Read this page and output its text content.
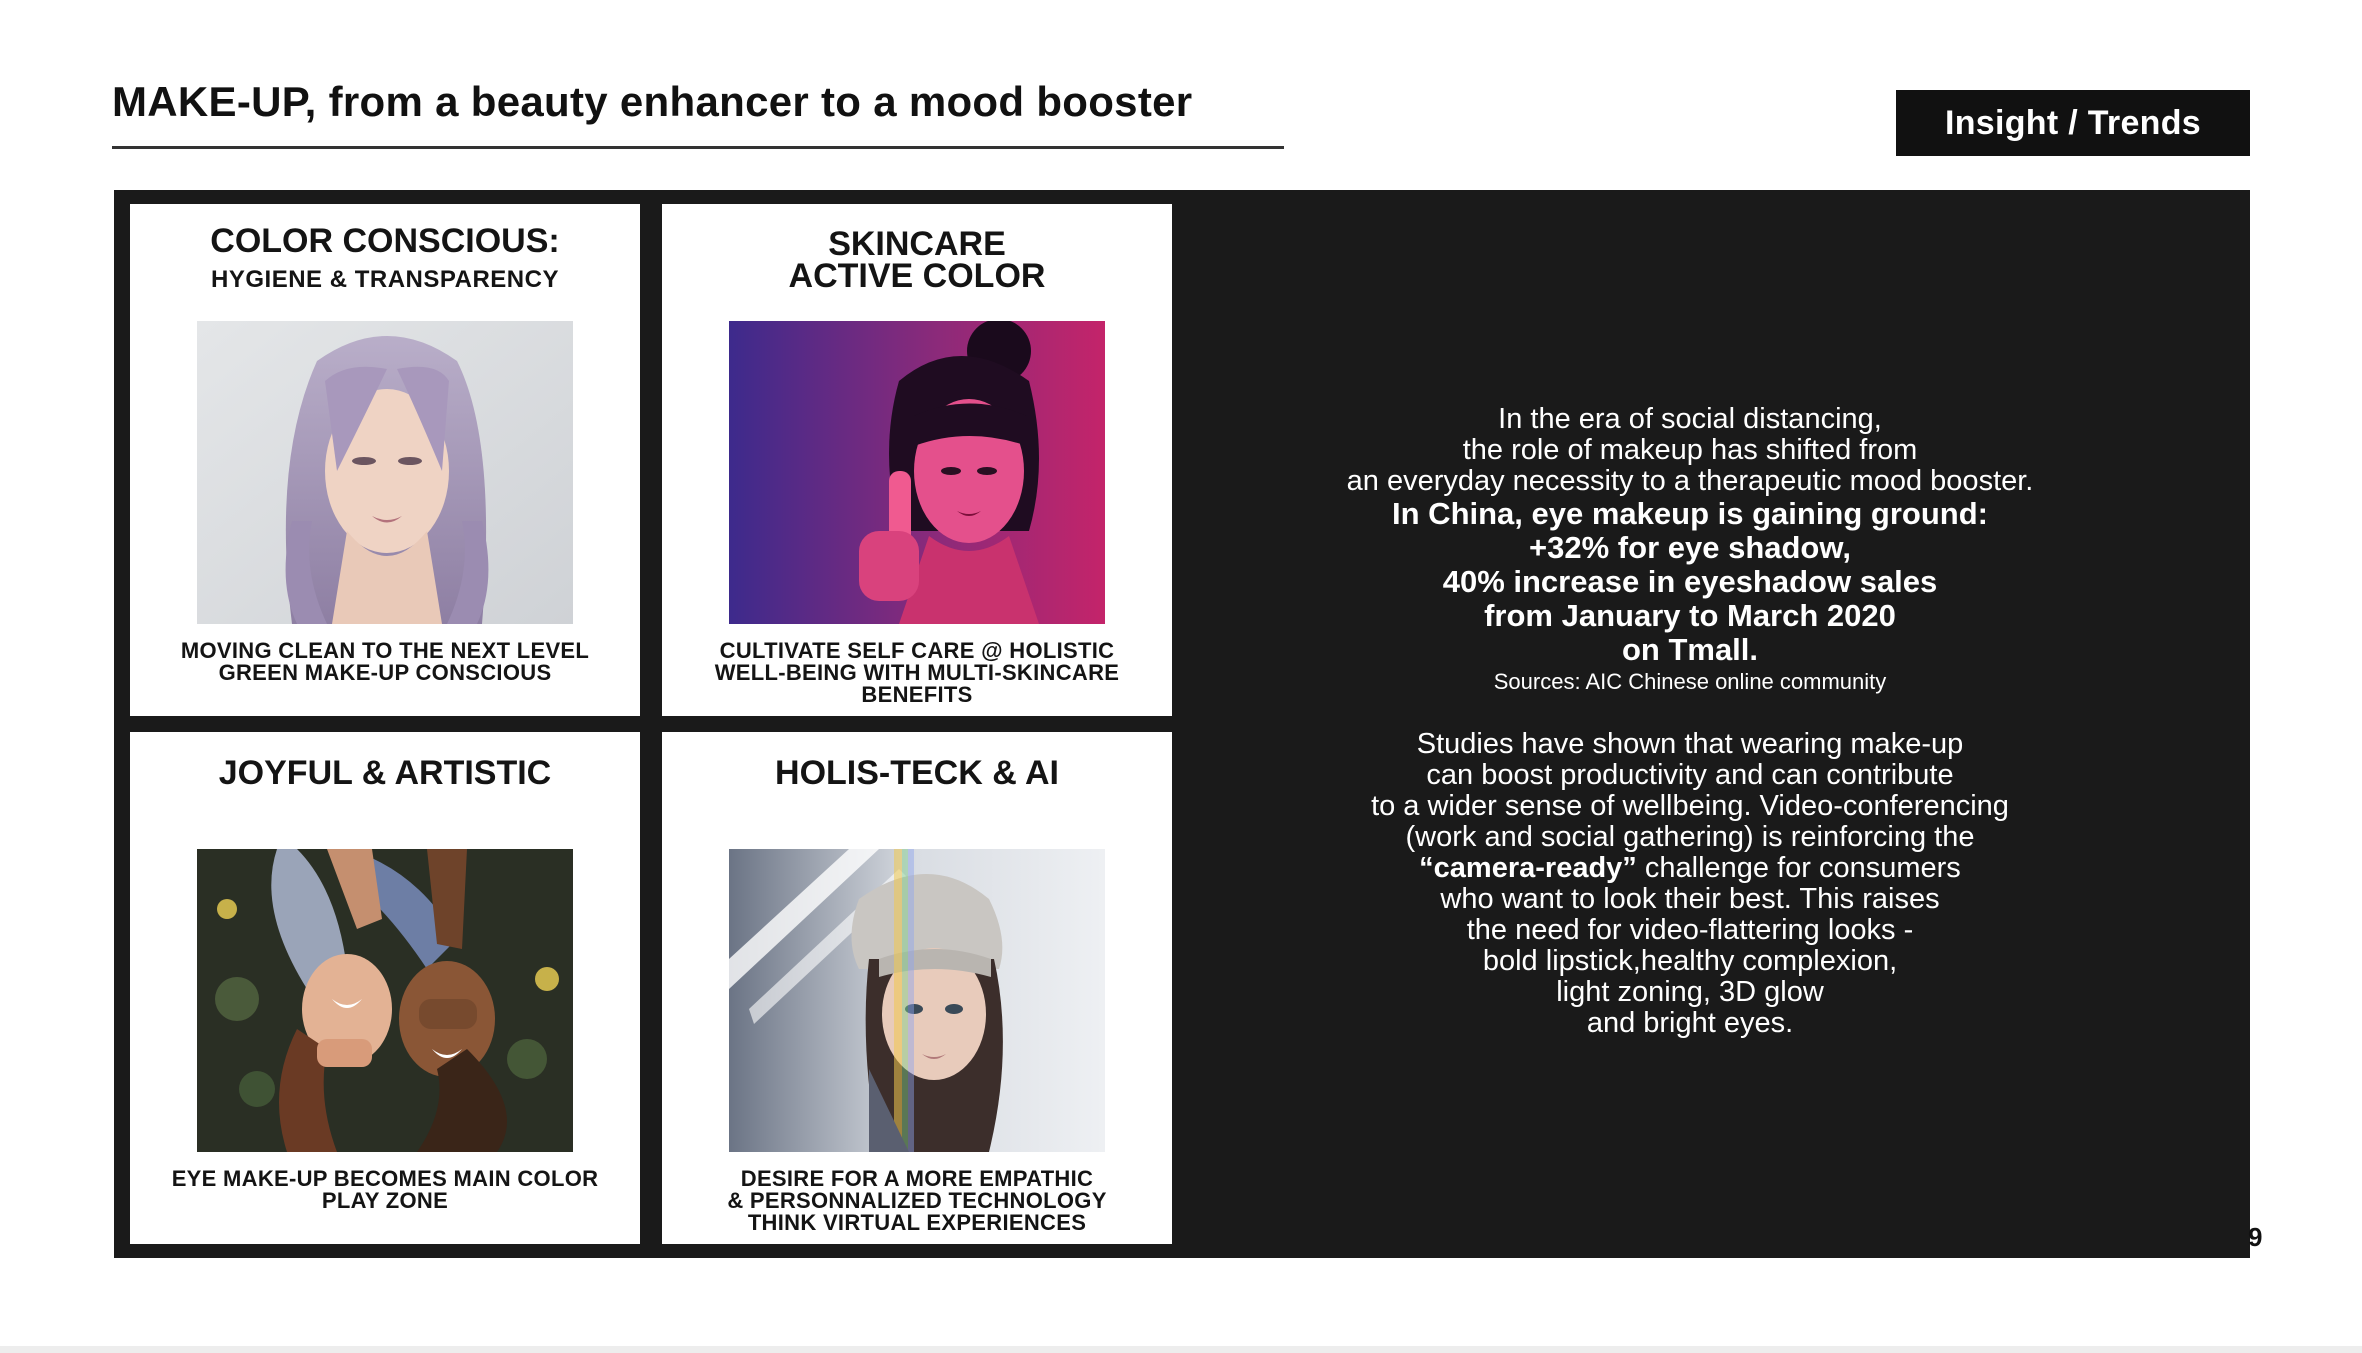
MAKE-UP, from a beauty enhancer to a mood booster	Insight / Trends
COLOR CONSCIOUS:
HYGIENE & TRANSPARENCY
MOVING CLEAN TO THE NEXT LEVEL
GREEN MAKE-UP CONSCIOUS
SKINCARE
ACTIVE COLOR
CULTIVATE SELF CARE @ HOLISTIC
WELL-BEING WITH MULTI-SKINCARE
BENEFITS
JOYFUL & ARTISTIC
EYE MAKE-UP BECOMES MAIN COLOR
PLAY ZONE
HOLIS-TECK & AI
DESIRE FOR A MORE EMPATHIC
& PERSONNALIZED TECHNOLOGY
THINK VIRTUAL EXPERIENCES

In the era of social distancing,

the role of makeup has shifted from

an everyday necessity to a therapeutic mood booster.

In China, eye makeup is gaining ground:

+32% for eye shadow,

40% increase in eyeshadow sales

from January to March 2020

on Tmall.

Sources: AIC Chinese online community

Studies have shown that wearing make-up

can boost productivity and can contribute

to a wider sense of wellbeing. Video-conferencing

(work and social gathering) is reinforcing the

“camera-ready” challenge for consumers

who want to look their best. This raises

the need for video-flattering looks -

bold lipstick,healthy complexion,

light zoning, 3D glow

and bright eyes.

9
